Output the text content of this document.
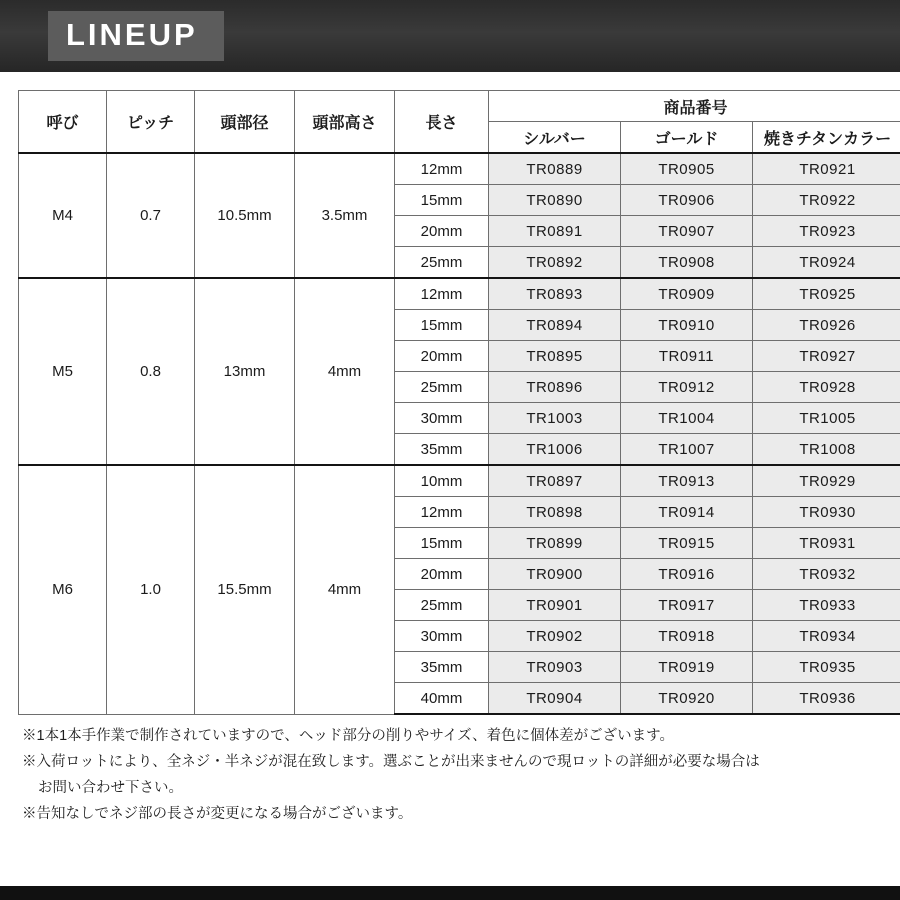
LINEUP
呼び	ピッチ	頭部径	頭部高さ	長さ	商品番号		
					シルバー	ゴールド	焼きチタンカラー
M4	0.7	10.5mm	3.5mm	12mm	TR0889	TR0905	TR0921
				15mm	TR0890	TR0906	TR0922
				20mm	TR0891	TR0907	TR0923
				25mm	TR0892	TR0908	TR0924
M5	0.8	13mm	4mm	12mm	TR0893	TR0909	TR0925
				15mm	TR0894	TR0910	TR0926
				20mm	TR0895	TR0911	TR0927
				25mm	TR0896	TR0912	TR0928
				30mm	TR1003	TR1004	TR1005
				35mm	TR1006	TR1007	TR1008
M6	1.0	15.5mm	4mm	10mm	TR0897	TR0913	TR0929
				12mm	TR0898	TR0914	TR0930
				15mm	TR0899	TR0915	TR0931
				20mm	TR0900	TR0916	TR0932
				25mm	TR0901	TR0917	TR0933
				30mm	TR0902	TR0918	TR0934
				35mm	TR0903	TR0919	TR0935
				40mm	TR0904	TR0920	TR0936

※1本1本手作業で制作されていますので、ヘッド部分の削りやサイズ、着色に個体差がございます。

※入荷ロットにより、全ネジ・半ネジが混在致します。選ぶことが出来ませんので現ロットの詳細が必要な場合は

お問い合わせ下さい。

※告知なしでネジ部の長さが変更になる場合がございます。
